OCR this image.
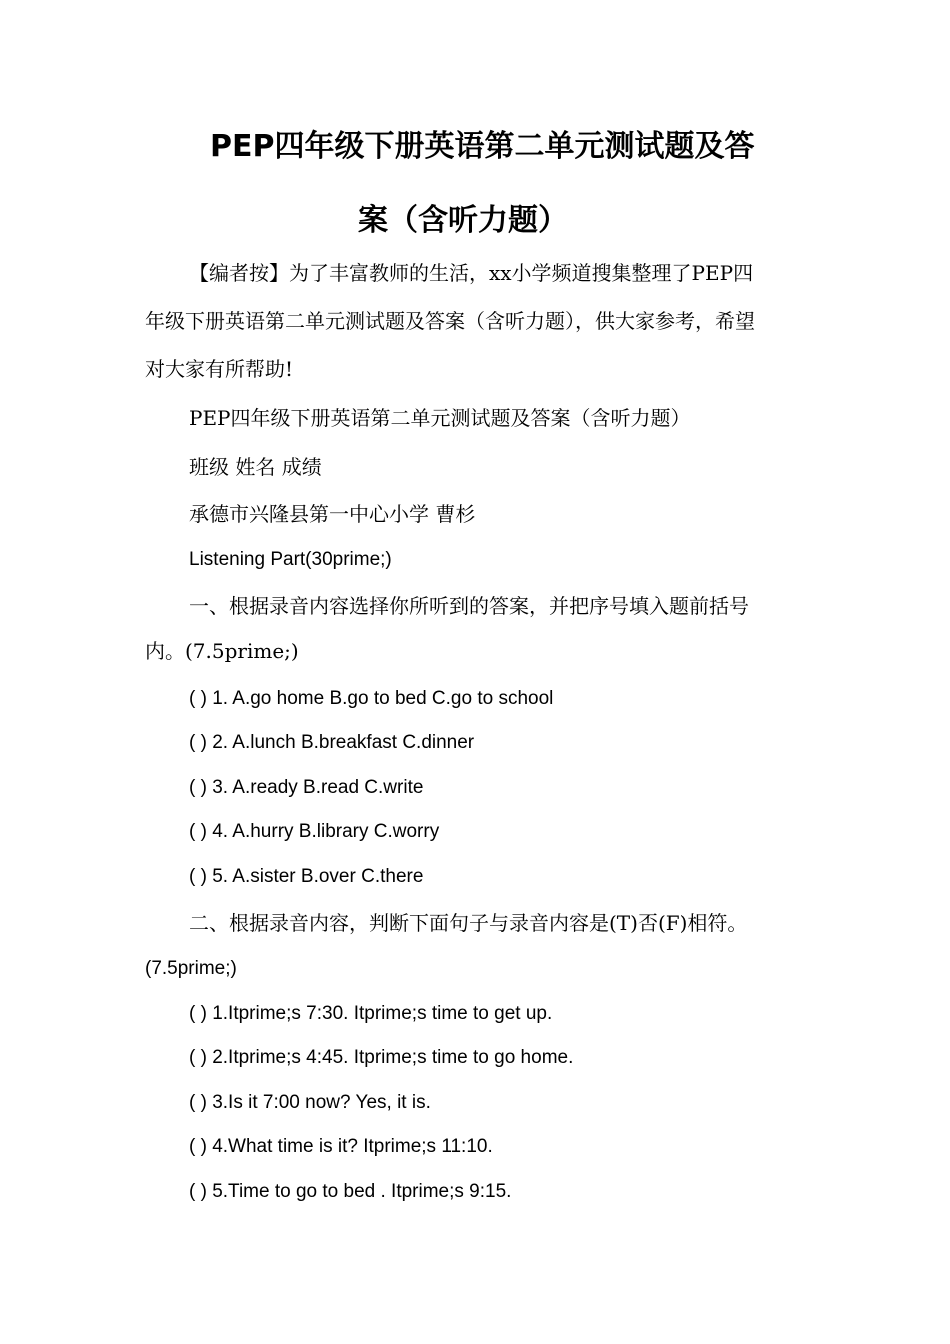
PEP四年级下册英语第二单元测试题及答
案（含听力题）
【编者按】为了丰富教师的生活，xx小学频道搜集整理了PEP四
年级下册英语第二单元测试题及答案（含听力题），供大家参考，希望
对大家有所帮助!
PEP四年级下册英语第二单元测试题及答案（含听力题）
班级 姓名 成绩
承德市兴隆县第一中心小学 曹杉
Listening Part(30prime;)
一、根据录音内容选择你所听到的答案，并把序号填入题前括号
内。(7.5prime;)
( ) 1. A.go home B.go to bed C.go to school
( ) 2. A.lunch B.breakfast C.dinner
( ) 3. A.ready B.read C.write
( ) 4. A.hurry B.library C.worry
( ) 5. A.sister B.over C.there
二、根据录音内容，判断下面句子与录音内容是(T)否(F)相符。
(7.5prime;)
( ) 1.Itprime;s 7:30. Itprime;s time to get up.
( ) 2.Itprime;s 4:45. Itprime;s time to go home.
( ) 3.Is it 7:00 now? Yes, it is.
( ) 4.What time is it? Itprime;s 11:10.
( ) 5.Time to go to bed . Itprime;s 9:15.
